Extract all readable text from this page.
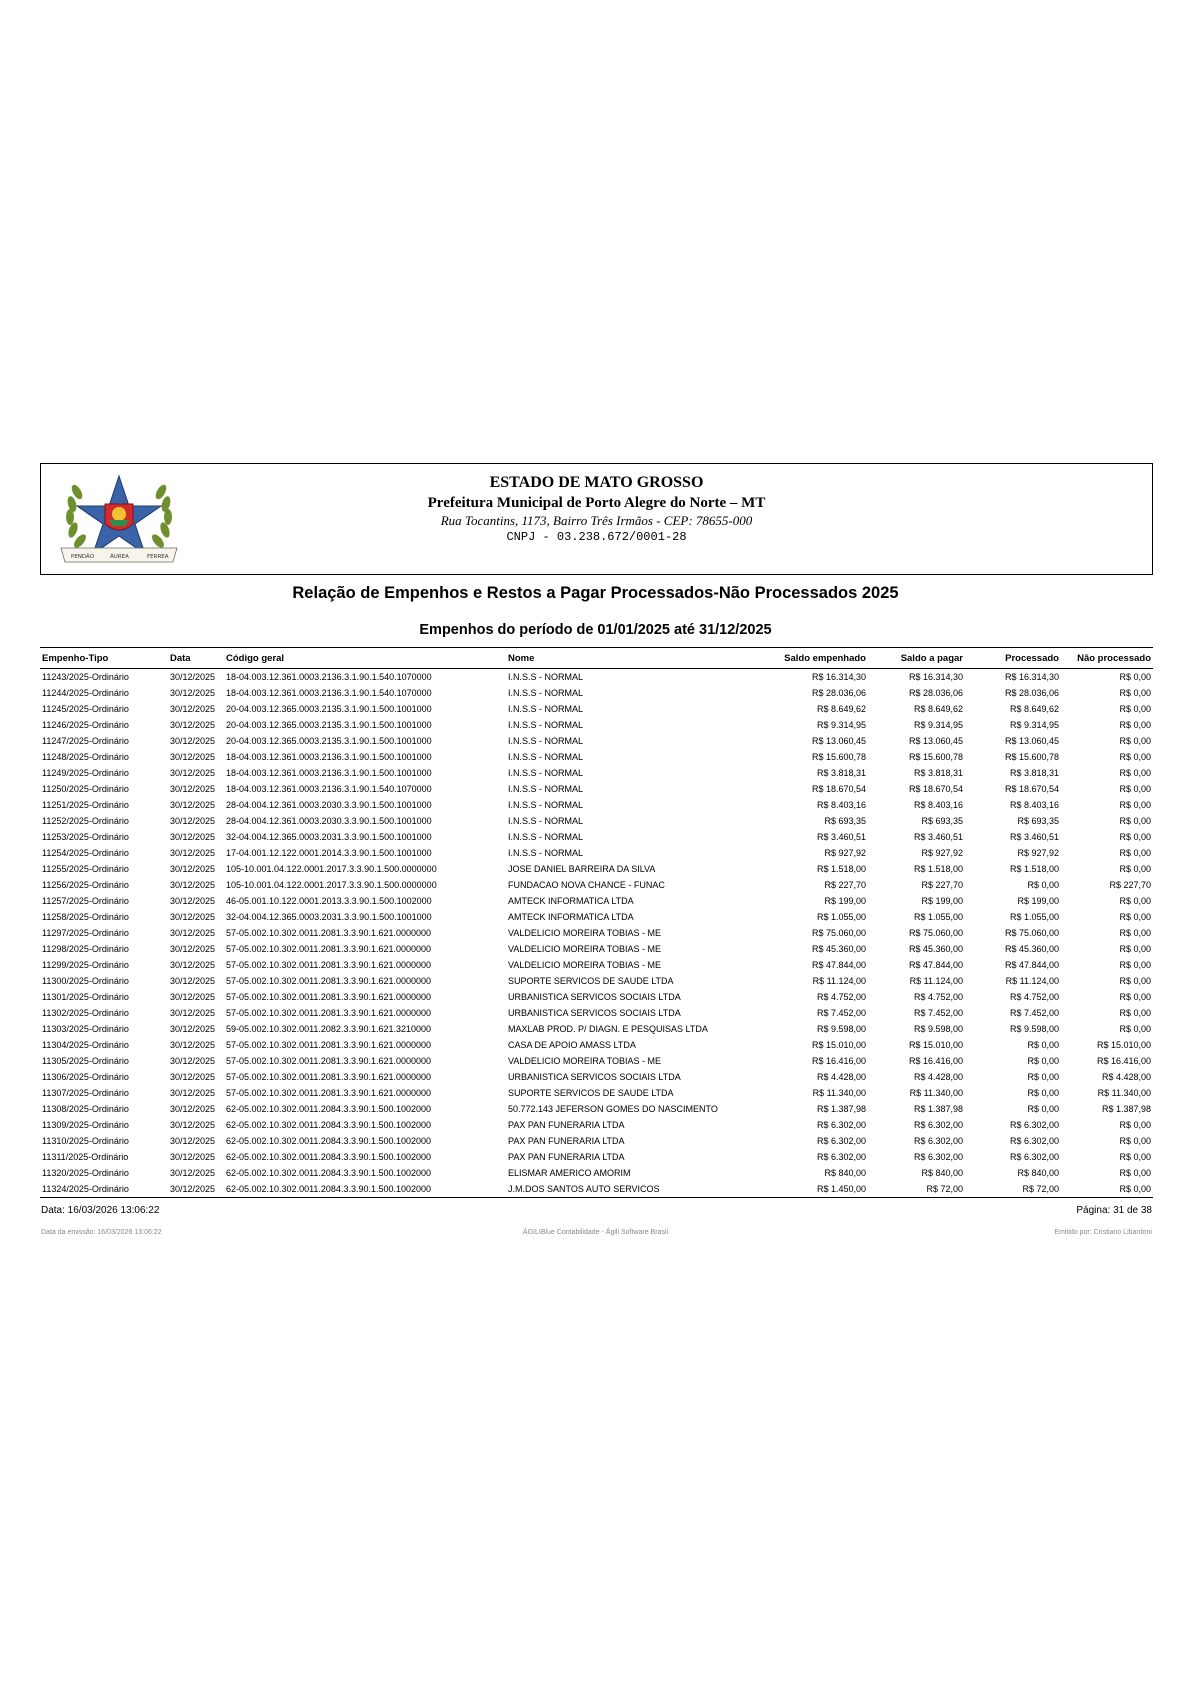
PENDÃO	ÁUREA	FERREA
ESTADO DE MATO GROSSO
Prefeitura Municipal de Porto Alegre do Norte – MT
Rua Tocantins, 1173, Bairro Três Irmãos - CEP: 78655-000
CNPJ - 03.238.672/0001-28
Relação de Empenhos e Restos a Pagar Processados-Não Processados 2025
Empenhos do período de 01/01/2025 até 31/12/2025
Empenho-Tipo	Data	Código geral	Nome	Saldo empenhado	Saldo a pagar	Processado	Não processado
11243/2025-Ordinário	30/12/2025	18-04.003.12.361.0003.2136.3.1.90.1.540.1070000	I.N.S.S - NORMAL	R$ 16.314,30	R$ 16.314,30	R$ 16.314,30	R$ 0,00
11244/2025-Ordinário	30/12/2025	18-04.003.12.361.0003.2136.3.1.90.1.540.1070000	I.N.S.S - NORMAL	R$ 28.036,06	R$ 28.036,06	R$ 28.036,06	R$ 0,00
11245/2025-Ordinário	30/12/2025	20-04.003.12.365.0003.2135.3.1.90.1.500.1001000	I.N.S.S - NORMAL	R$ 8.649,62	R$ 8.649,62	R$ 8.649,62	R$ 0,00
11246/2025-Ordinário	30/12/2025	20-04.003.12.365.0003.2135.3.1.90.1.500.1001000	I.N.S.S - NORMAL	R$ 9.314,95	R$ 9.314,95	R$ 9.314,95	R$ 0,00
11247/2025-Ordinário	30/12/2025	20-04.003.12.365.0003.2135.3.1.90.1.500.1001000	I.N.S.S - NORMAL	R$ 13.060,45	R$ 13.060,45	R$ 13.060,45	R$ 0,00
11248/2025-Ordinário	30/12/2025	18-04.003.12.361.0003.2136.3.1.90.1.500.1001000	I.N.S.S - NORMAL	R$ 15.600,78	R$ 15.600,78	R$ 15.600,78	R$ 0,00
11249/2025-Ordinário	30/12/2025	18-04.003.12.361.0003.2136.3.1.90.1.500.1001000	I.N.S.S - NORMAL	R$ 3.818,31	R$ 3.818,31	R$ 3.818,31	R$ 0,00
11250/2025-Ordinário	30/12/2025	18-04.003.12.361.0003.2136.3.1.90.1.540.1070000	I.N.S.S - NORMAL	R$ 18.670,54	R$ 18.670,54	R$ 18.670,54	R$ 0,00
11251/2025-Ordinário	30/12/2025	28-04.004.12.361.0003.2030.3.3.90.1.500.1001000	I.N.S.S - NORMAL	R$ 8.403,16	R$ 8.403,16	R$ 8.403,16	R$ 0,00
11252/2025-Ordinário	30/12/2025	28-04.004.12.361.0003.2030.3.3.90.1.500.1001000	I.N.S.S - NORMAL	R$ 693,35	R$ 693,35	R$ 693,35	R$ 0,00
11253/2025-Ordinário	30/12/2025	32-04.004.12.365.0003.2031.3.3.90.1.500.1001000	I.N.S.S - NORMAL	R$ 3.460,51	R$ 3.460,51	R$ 3.460,51	R$ 0,00
11254/2025-Ordinário	30/12/2025	17-04.001.12.122.0001.2014.3.3.90.1.500.1001000	I.N.S.S - NORMAL	R$ 927,92	R$ 927,92	R$ 927,92	R$ 0,00
11255/2025-Ordinário	30/12/2025	105-10.001.04.122.0001.2017.3.3.90.1.500.0000000	JOSE DANIEL BARREIRA DA SILVA	R$ 1.518,00	R$ 1.518,00	R$ 1.518,00	R$ 0,00
11256/2025-Ordinário	30/12/2025	105-10.001.04.122.0001.2017.3.3.90.1.500.0000000	FUNDACAO NOVA CHANCE - FUNAC	R$ 227,70	R$ 227,70	R$ 0,00	R$ 227,70
11257/2025-Ordinário	30/12/2025	46-05.001.10.122.0001.2013.3.3.90.1.500.1002000	AMTECK INFORMATICA LTDA	R$ 199,00	R$ 199,00	R$ 199,00	R$ 0,00
11258/2025-Ordinário	30/12/2025	32-04.004.12.365.0003.2031.3.3.90.1.500.1001000	AMTECK INFORMATICA LTDA	R$ 1.055,00	R$ 1.055,00	R$ 1.055,00	R$ 0,00
11297/2025-Ordinário	30/12/2025	57-05.002.10.302.0011.2081.3.3.90.1.621.0000000	VALDELICIO MOREIRA TOBIAS - ME	R$ 75.060,00	R$ 75.060,00	R$ 75.060,00	R$ 0,00
11298/2025-Ordinário	30/12/2025	57-05.002.10.302.0011.2081.3.3.90.1.621.0000000	VALDELICIO MOREIRA TOBIAS - ME	R$ 45.360,00	R$ 45.360,00	R$ 45.360,00	R$ 0,00
11299/2025-Ordinário	30/12/2025	57-05.002.10.302.0011.2081.3.3.90.1.621.0000000	VALDELICIO MOREIRA TOBIAS - ME	R$ 47.844,00	R$ 47.844,00	R$ 47.844,00	R$ 0,00
11300/2025-Ordinário	30/12/2025	57-05.002.10.302.0011.2081.3.3.90.1.621.0000000	SUPORTE SERVICOS DE SAUDE LTDA	R$ 11.124,00	R$ 11.124,00	R$ 11.124,00	R$ 0,00
11301/2025-Ordinário	30/12/2025	57-05.002.10.302.0011.2081.3.3.90.1.621.0000000	URBANISTICA SERVICOS SOCIAIS LTDA	R$ 4.752,00	R$ 4.752,00	R$ 4.752,00	R$ 0,00
11302/2025-Ordinário	30/12/2025	57-05.002.10.302.0011.2081.3.3.90.1.621.0000000	URBANISTICA SERVICOS SOCIAIS LTDA	R$ 7.452,00	R$ 7.452,00	R$ 7.452,00	R$ 0,00
11303/2025-Ordinário	30/12/2025	59-05.002.10.302.0011.2082.3.3.90.1.621.3210000	MAXLAB PROD. P/ DIAGN. E PESQUISAS LTDA	R$ 9.598,00	R$ 9.598,00	R$ 9.598,00	R$ 0,00
11304/2025-Ordinário	30/12/2025	57-05.002.10.302.0011.2081.3.3.90.1.621.0000000	CASA DE APOIO AMASS LTDA	R$ 15.010,00	R$ 15.010,00	R$ 0,00	R$ 15.010,00
11305/2025-Ordinário	30/12/2025	57-05.002.10.302.0011.2081.3.3.90.1.621.0000000	VALDELICIO MOREIRA TOBIAS - ME	R$ 16.416,00	R$ 16.416,00	R$ 0,00	R$ 16.416,00
11306/2025-Ordinário	30/12/2025	57-05.002.10.302.0011.2081.3.3.90.1.621.0000000	URBANISTICA SERVICOS SOCIAIS LTDA	R$ 4.428,00	R$ 4.428,00	R$ 0,00	R$ 4.428,00
11307/2025-Ordinário	30/12/2025	57-05.002.10.302.0011.2081.3.3.90.1.621.0000000	SUPORTE SERVICOS DE SAUDE LTDA	R$ 11.340,00	R$ 11.340,00	R$ 0,00	R$ 11.340,00
11308/2025-Ordinário	30/12/2025	62-05.002.10.302.0011.2084.3.3.90.1.500.1002000	50.772.143 JEFERSON GOMES DO NASCIMENTO	R$ 1.387,98	R$ 1.387,98	R$ 0,00	R$ 1.387,98
11309/2025-Ordinário	30/12/2025	62-05.002.10.302.0011.2084.3.3.90.1.500.1002000	PAX PAN FUNERARIA LTDA	R$ 6.302,00	R$ 6.302,00	R$ 6.302,00	R$ 0,00
11310/2025-Ordinário	30/12/2025	62-05.002.10.302.0011.2084.3.3.90.1.500.1002000	PAX PAN FUNERARIA LTDA	R$ 6.302,00	R$ 6.302,00	R$ 6.302,00	R$ 0,00
11311/2025-Ordinário	30/12/2025	62-05.002.10.302.0011.2084.3.3.90.1.500.1002000	PAX PAN FUNERARIA LTDA	R$ 6.302,00	R$ 6.302,00	R$ 6.302,00	R$ 0,00
11320/2025-Ordinário	30/12/2025	62-05.002.10.302.0011.2084.3.3.90.1.500.1002000	ELISMAR AMERICO AMORIM	R$ 840,00	R$ 840,00	R$ 840,00	R$ 0,00
11324/2025-Ordinário	30/12/2025	62-05.002.10.302.0011.2084.3.3.90.1.500.1002000	J.M.DOS SANTOS AUTO SERVICOS	R$ 1.450,00	R$ 72,00	R$ 72,00	R$ 0,00
Data: 16/03/2026 13:06:22	Página: 31 de 38
Data da emissão: 16/03/2026 13:06:22	ÁGILIBlue Contabilidade - Ágili Software Brasil	Emitido por: Cristiano Libardoni
